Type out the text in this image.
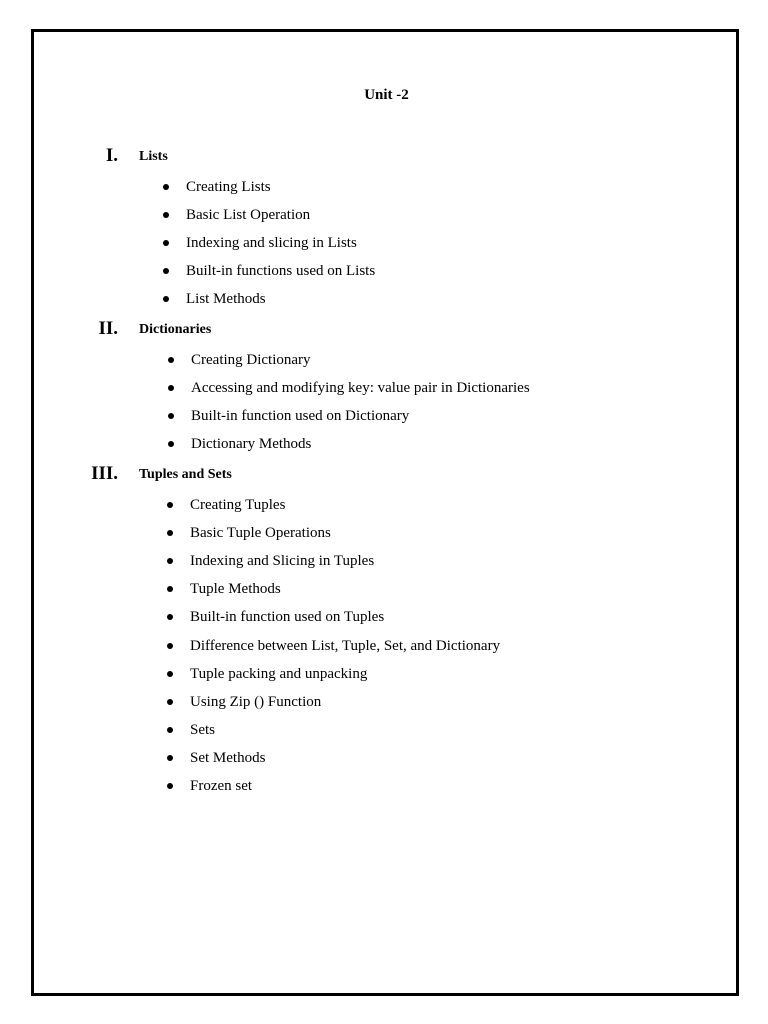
Unit -2
I. Lists
Creating Lists
Basic List Operation
Indexing and slicing in Lists
Built-in functions used on Lists
List Methods
II. Dictionaries
Creating Dictionary
Accessing and modifying key: value pair in Dictionaries
Built-in function used on Dictionary
Dictionary Methods
III. Tuples and Sets
Creating Tuples
Basic Tuple Operations
Indexing and Slicing in Tuples
Tuple Methods
Built-in function used on Tuples
Difference between List, Tuple, Set, and Dictionary
Tuple packing and unpacking
Using Zip () Function
Sets
Set Methods
Frozen set
